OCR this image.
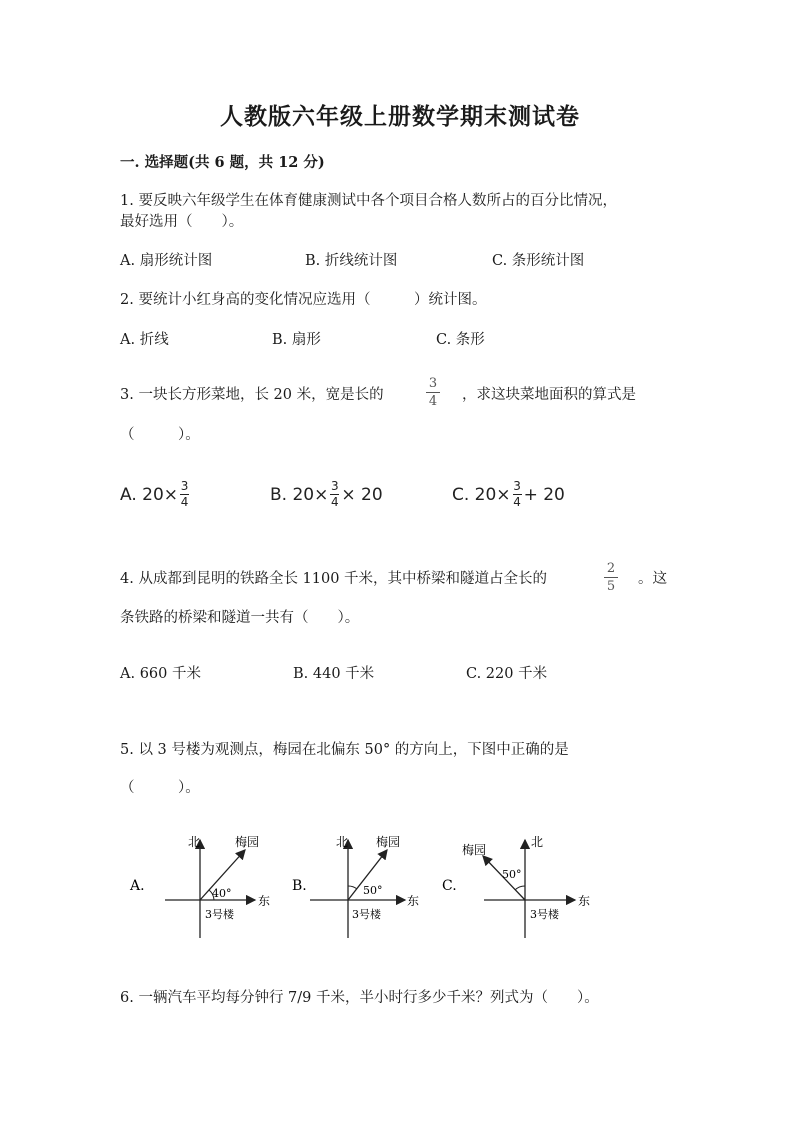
人教版六年级上册数学期末测试卷
一. 选择题(共 6 题，共 12 分)
1. 要反映六年级学生在体育健康测试中各个项目合格人数所占的百分比情况，
最好选用（　　）。
A. 扇形统计图	B. 折线统计图	C. 条形统计图
2. 要统计小红身高的变化情况应选用（　　　）统计图。
A. 折线	B. 扇形	C. 条形
3. 一块长方形菜地，长 20 米，宽是长的
3
4 ，求这块菜地面积的算式是
（　　　）。
A. 20× 3
4	B. 20× 3
4 × 20	C. 20× 3
4 + 20
4. 从成都到昆明的铁路全长 1100 千米，其中桥梁和隧道占全长的
2
5 。这
条铁路的桥梁和隧道一共有（　　）。
A. 660 千米	B. 440 千米	C. 220 千米
5. 以 3 号楼为观测点，梅园在北偏东 50° 的方向上，下图中正确的是
（　　　）。
A.
北	梅园
40°
东
3号楼
B.
北 梅园
50°
东
3号楼
C.
北
梅园
50°
东
3号楼
6. 一辆汽车平均每分钟行 7/9 千米，半小时行多少千米？列式为（　　）。
